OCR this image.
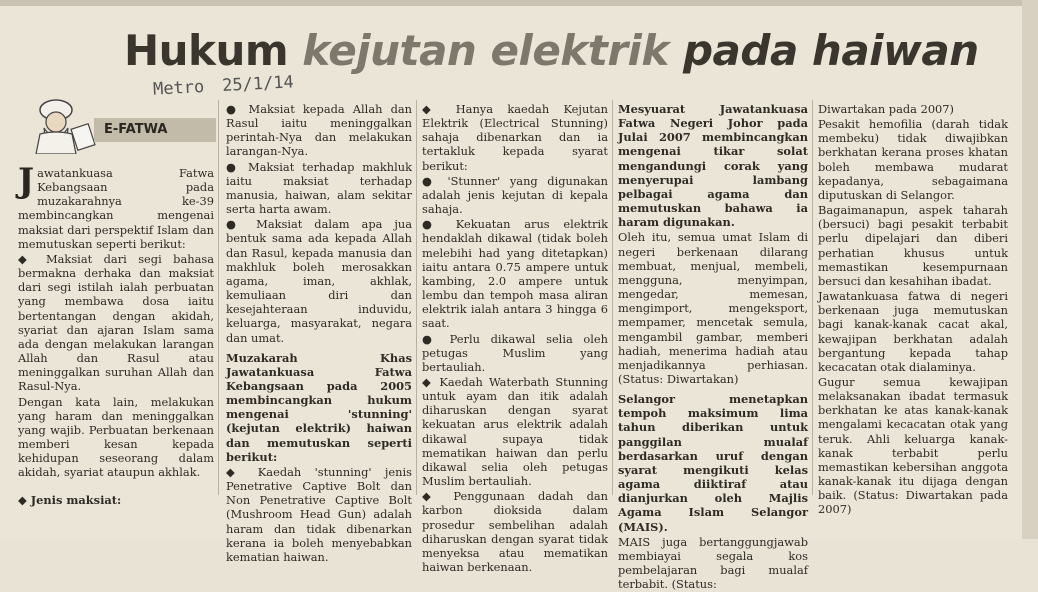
Hukum kejutan elektrik pada haiwan
Metro 25/1/14
E-FATWA

Jawatankuasa Fatwa Kebangsaan pada muzakarahnya ke-39 membincangkan mengenai maksiat dari perspektif Islam dan memutuskan seperti berikut:

◆ Maksiat dari segi bahasa bermakna derhaka dan maksiat dari segi istilah ialah perbuatan yang membawa dosa iaitu bertentangan dengan akidah, syariat dan ajaran Islam sama ada dengan melakukan larangan Allah dan Rasul atau meninggalkan suruhan Allah dan Rasul-Nya.

Dengan kata lain, melakukan yang haram dan meninggalkan yang wajib. Perbuatan berkenaan memberi kesan kepada kehidupan seseorang dalam akidah, syariat ataupun akhlak.

◆ Jenis maksiat:

● Maksiat kepada Allah dan Rasul iaitu meninggalkan perintah-Nya dan melakukan larangan-Nya.

● Maksiat terhadap makhluk iaitu maksiat terhadap manusia, haiwan, alam sekitar serta harta awam.

● Maksiat dalam apa jua bentuk sama ada kepada Allah dan Rasul, kepada manusia dan makhluk boleh merosakkan agama, iman, akhlak, kemuliaan diri dan kesejahteraan induvidu, keluarga, masyarakat, negara dan umat.

Muzakarah Khas Jawatankuasa Fatwa Kebangsaan pada 2005 membincangkan hukum mengenai 'stunning' (kejutan elektrik) haiwan dan memutuskan seperti berikut:

◆ Kaedah 'stunning' jenis Penetrative Captive Bolt dan Non Penetrative Captive Bolt (Mushroom Head Gun) adalah haram dan tidak dibenarkan kerana ia boleh menyebabkan kematian haiwan.

◆ Hanya kaedah Kejutan Elektrik (Electrical Stunning) sahaja dibenarkan dan ia tertakluk kepada syarat berikut:

● 'Stunner' yang digunakan adalah jenis kejutan di kepala sahaja.

● Kekuatan arus elektrik hendaklah dikawal (tidak boleh melebihi had yang ditetapkan) iaitu antara 0.75 ampere untuk kambing, 2.0 ampere untuk lembu dan tempoh masa aliran elektrik ialah antara 3 hingga 6 saat.

● Perlu dikawal selia oleh petugas Muslim yang bertauliah.

◆ Kaedah Waterbath Stunning untuk ayam dan itik adalah diharuskan dengan syarat kekuatan arus elektrik adalah dikawal supaya tidak mematikan haiwan dan perlu dikawal selia oleh petugas Muslim bertauliah.

◆ Penggunaan dadah dan karbon dioksida dalam prosedur sembelihan adalah diharuskan dengan syarat tidak menyeksa atau mematikan haiwan berkenaan.

Mesyuarat Jawatankuasa Fatwa Negeri Johor pada Julai 2007 membincangkan mengenai tikar solat mengandungi corak yang menyerupai lambang pelbagai agama dan memutuskan bahawa ia haram digunakan.

Oleh itu, semua umat Islam di negeri berkenaan dilarang membuat, menjual, membeli, mengguna, menyimpan, mengedar, memesan, mengimport, mengeksport, mempamer, mencetak semula, mengambil gambar, memberi hadiah, menerima hadiah atau menjadikannya perhiasan. (Status: Diwartakan)

Selangor menetapkan tempoh maksimum lima tahun diberikan untuk panggilan mualaf berdasarkan uruf dengan syarat mengikuti kelas agama diiktiraf atau dianjurkan oleh Majlis Agama Islam Selangor (MAIS).

MAIS juga bertanggungjawab membiayai segala kos pembelajaran bagi mualaf terbabit. (Status:

Diwartakan pada 2007)

Pesakit hemofilia (darah tidak membeku) tidak diwajibkan berkhatan kerana proses khatan boleh membawa mudarat kepadanya, sebagaimana diputuskan di Selangor.

Bagaimanapun, aspek taharah (bersuci) bagi pesakit terbabit perlu dipelajari dan diberi perhatian khusus untuk memastikan kesempurnaan bersuci dan kesahihan ibadat.

Jawatankuasa fatwa di negeri berkenaan juga memutuskan bagi kanak-kanak cacat akal, kewajipan berkhatan adalah bergantung kepada tahap kecacatan otak dialaminya.

Gugur semua kewajipan melaksanakan ibadat termasuk berkhatan ke atas kanak-kanak mengalami kecacatan otak yang teruk. Ahli keluarga kanak-kanak terbabit perlu memastikan kebersihan anggota kanak-kanak itu dijaga dengan baik. (Status: Diwartakan pada 2007)
